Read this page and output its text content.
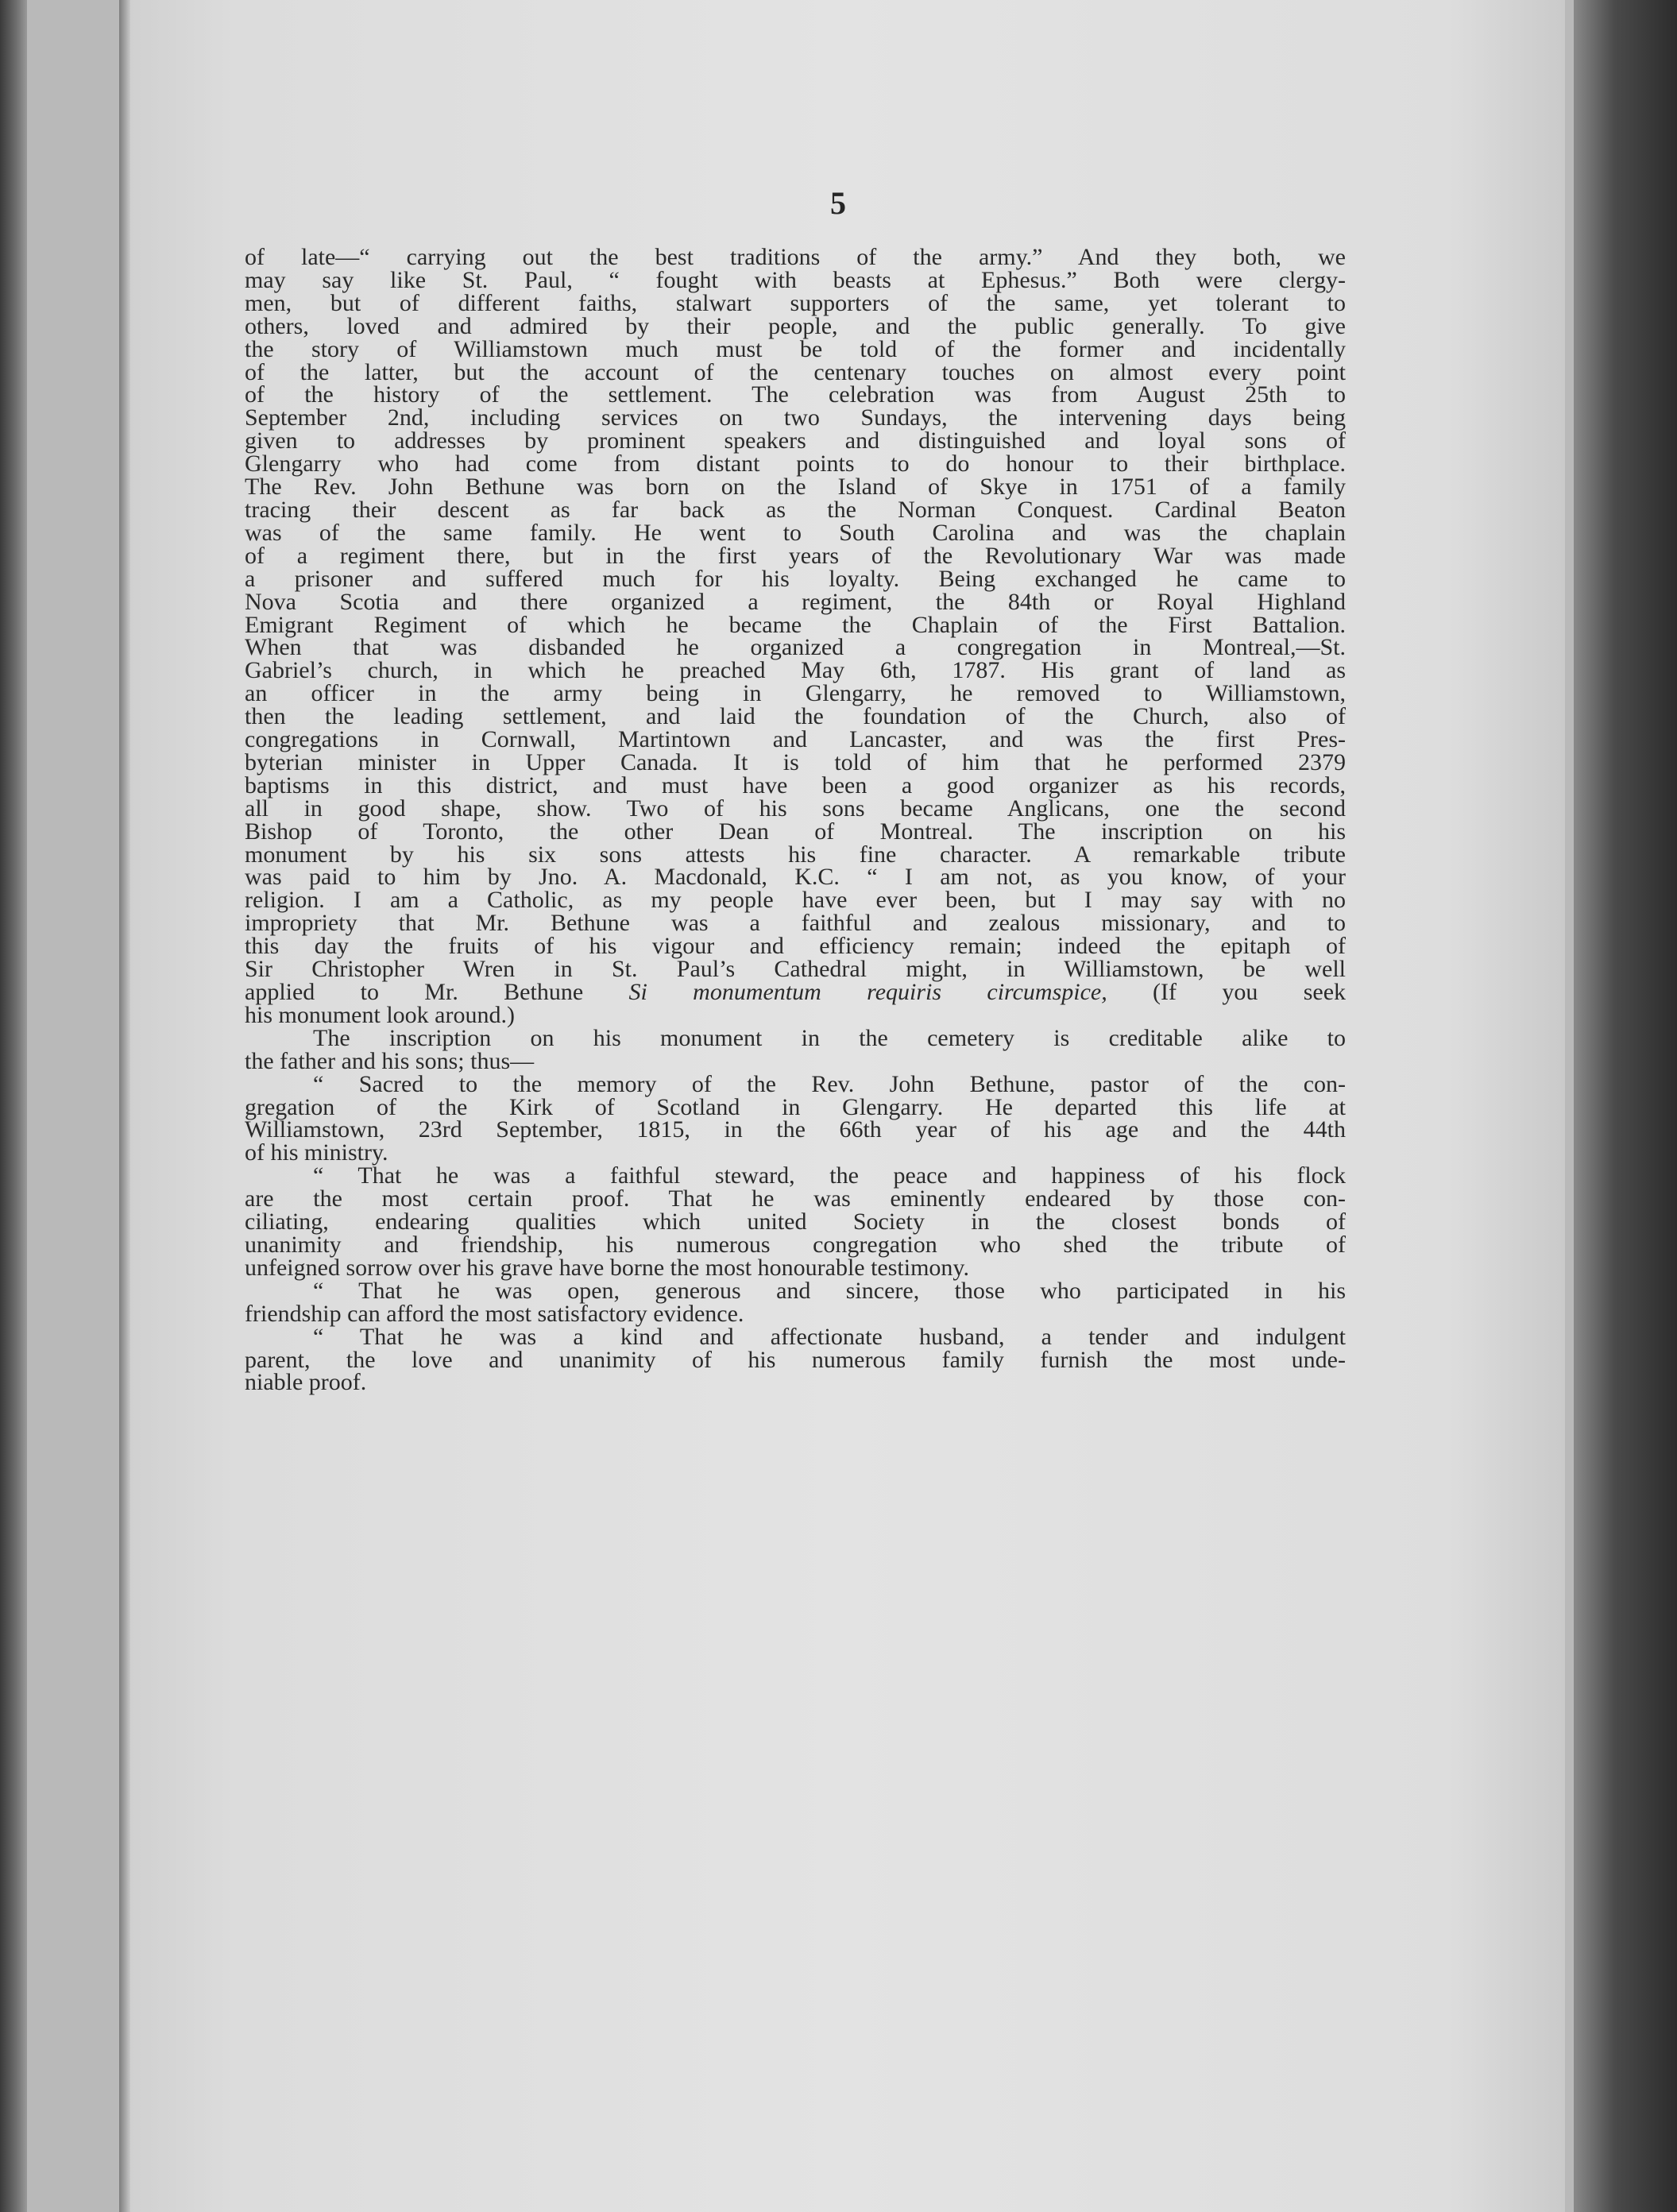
5

of late—“ carrying out the best traditions of the army.” And they both, we

may say like St. Paul, “ fought with beasts at Ephesus.” Both were clergy-

men, but of different faiths, stalwart supporters of the same, yet tolerant to

others, loved and admired by their people, and the public generally. To give

the story of Williamstown much must be told of the former and incidentally

of the latter, but the account of the centenary touches on almost every point

of the history of the settlement. The celebration was from August 25th to

September 2nd, including services on two Sundays, the intervening days being

given to addresses by prominent speakers and distinguished and loyal sons of

Glengarry who had come from distant points to do honour to their birthplace.

The Rev. John Bethune was born on the Island of Skye in 1751 of a family

tracing their descent as far back as the Norman Conquest. Cardinal Beaton

was of the same family. He went to South Carolina and was the chaplain

of a regiment there, but in the first years of the Revolutionary War was made

a prisoner and suffered much for his loyalty. Being exchanged he came to

Nova Scotia and there organized a regiment, the 84th or Royal Highland

Emigrant Regiment of which he became the Chaplain of the First Battalion.

When that was disbanded he organized a congregation in Montreal,—St.

Gabriel’s church, in which he preached May 6th, 1787. His grant of land as

an officer in the army being in Glengarry, he removed to Williamstown,

then the leading settlement, and laid the foundation of the Church, also of

congregations in Cornwall, Martintown and Lancaster, and was the first Pres-

byterian minister in Upper Canada. It is told of him that he performed 2379

baptisms in this district, and must have been a good organizer as his records,

all in good shape, show. Two of his sons became Anglicans, one the second

Bishop of Toronto, the other Dean of Montreal. The inscription on his

monument by his six sons attests his fine character. A remarkable tribute

was paid to him by Jno. A. Macdonald, K.C. “ I am not, as you know, of your

religion. I am a Catholic, as my people have ever been, but I may say with no

impropriety that Mr. Bethune was a faithful and zealous missionary, and to

this day the fruits of his vigour and efficiency remain; indeed the epitaph of

Sir Christopher Wren in St. Paul’s Cathedral might, in Williamstown, be well

applied to Mr. Bethune Si monumentum requiris circumspice, (If you seek

his monument look around.)

The inscription on his monument in the cemetery is creditable alike to

the father and his sons; thus—

“ Sacred to the memory of the Rev. John Bethune, pastor of the con-

gregation of the Kirk of Scotland in Glengarry. He departed this life at

Williamstown, 23rd September, 1815, in the 66th year of his age and the 44th

of his ministry.

“ That he was a faithful steward, the peace and happiness of his flock

are the most certain proof. That he was eminently endeared by those con-

ciliating, endearing qualities which united Society in the closest bonds of

unanimity and friendship, his numerous congregation who shed the tribute of

unfeigned sorrow over his grave have borne the most honourable testimony.

“ That he was open, generous and sincere, those who participated in his

friendship can afford the most satisfactory evidence.

“ That he was a kind and affectionate husband, a tender and indulgent

parent, the love and unanimity of his numerous family furnish the most unde-

niable proof.
